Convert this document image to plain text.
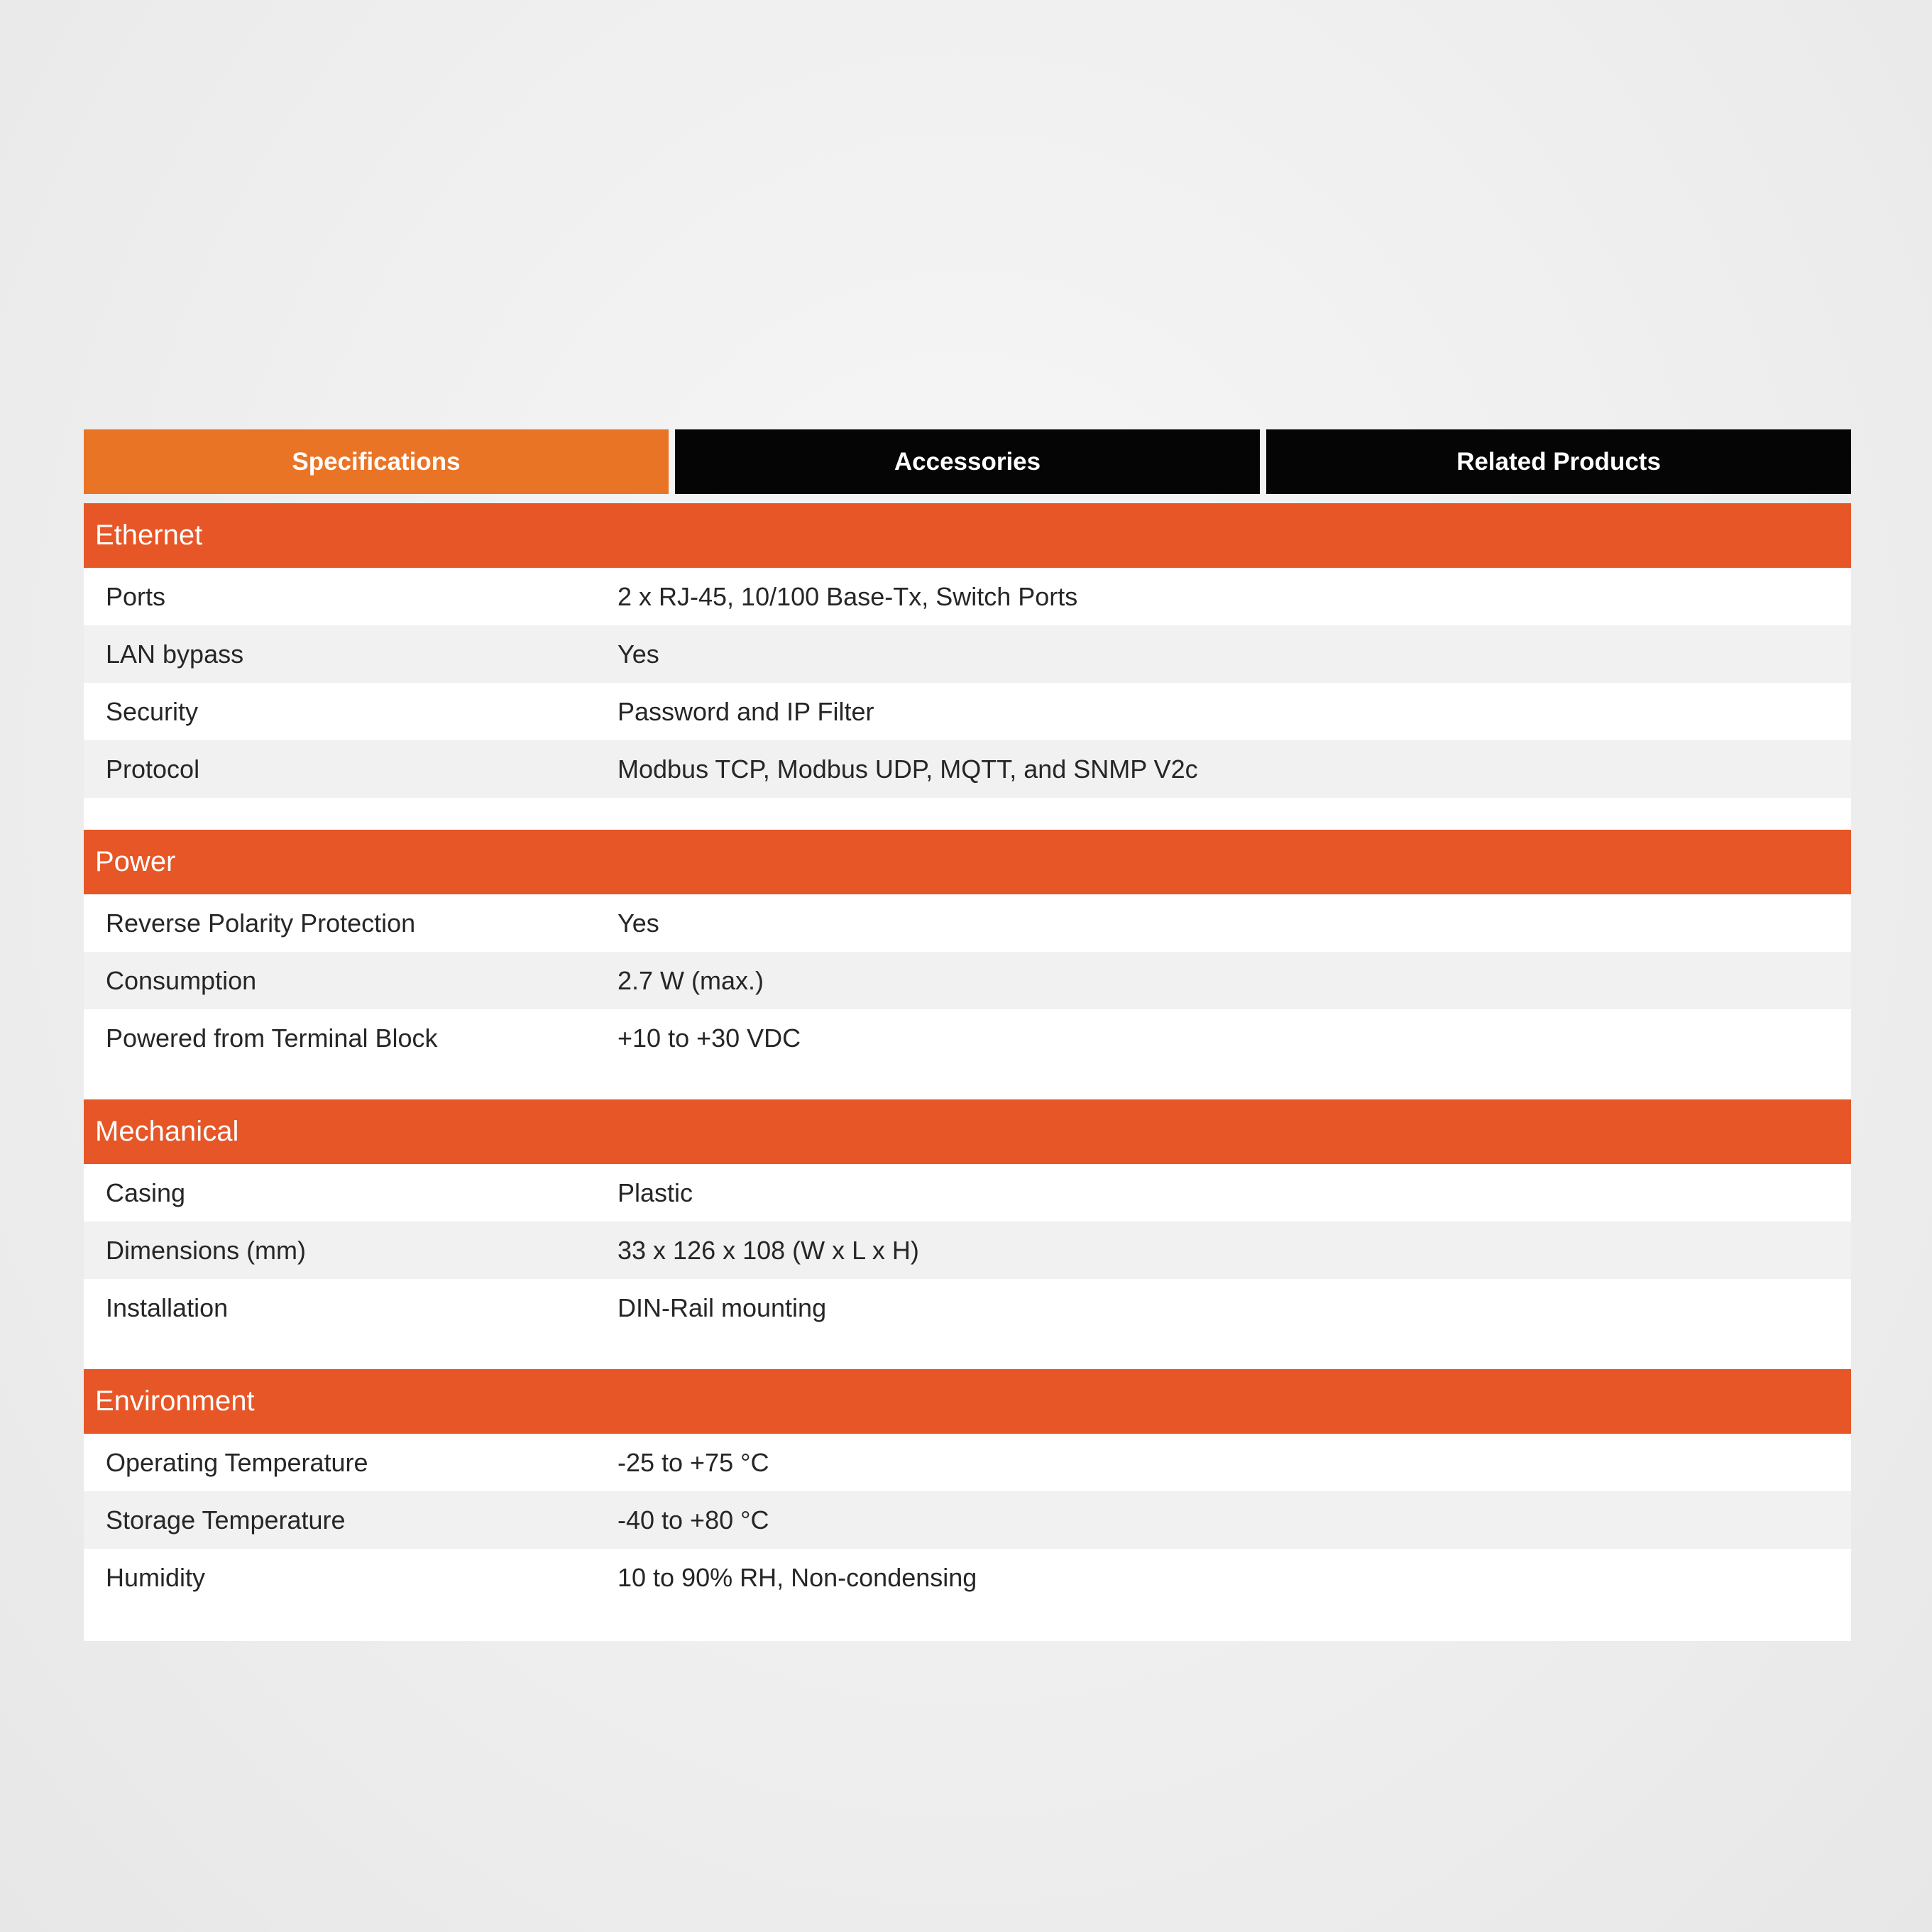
Specifications	Accessories	Related Products
Ethernet
Ports	2 x RJ-45, 10/100 Base-Tx, Switch Ports
LAN bypass	Yes
Security	Password and IP Filter
Protocol	Modbus TCP, Modbus UDP, MQTT, and SNMP V2c
Power
Reverse Polarity Protection	Yes
Consumption	2.7 W (max.)
Powered from Terminal Block	+10 to +30 VDC
Mechanical
Casing	Plastic
Dimensions (mm)	33 x 126 x 108 (W x L x H)
Installation	DIN-Rail mounting
Environment
Operating Temperature	-25 to +75 °C
Storage Temperature	-40 to +80 °C
Humidity	10 to 90% RH, Non-condensing
